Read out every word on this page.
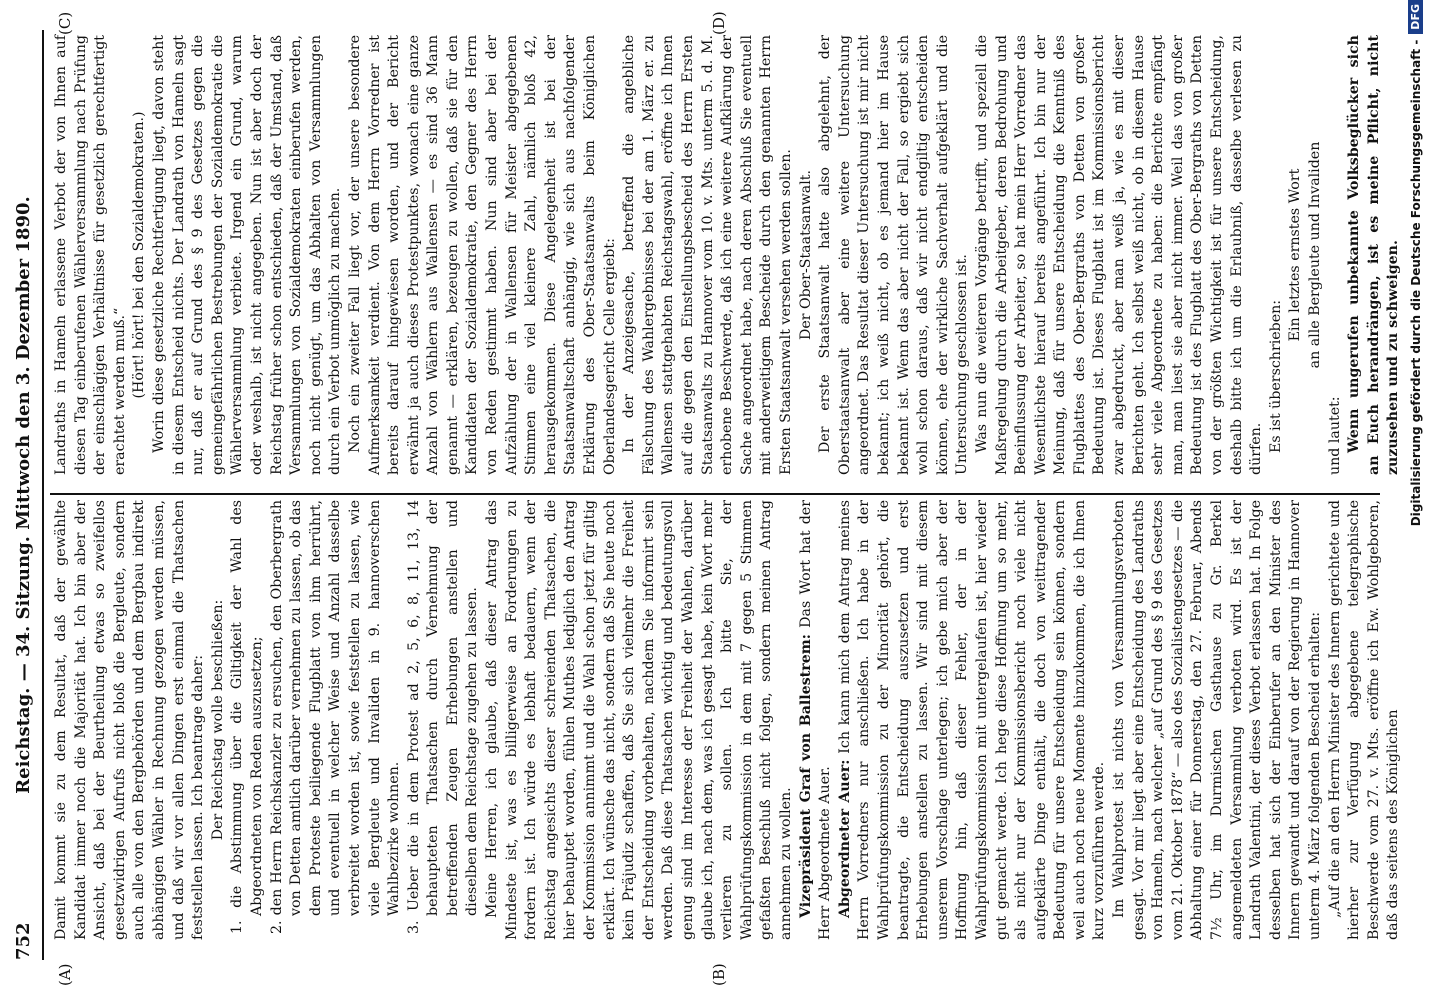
752
Reichstag. — 34. Sitzung. Mittwoch den 3. Dezember 1890.
(A)	(B)
(C)	(D)

Damit kommt sie zu dem Resultat, daß der gewählte Kandidat immer noch die Majorität hat. Ich bin aber der Ansicht, daß bei der Beurtheilung etwas so zweifellos gesetzwidrigen Aufrufs nicht bloß die Bergleute, sondern auch alle von den Bergbehörden und dem Bergbau indirekt abhängigen Wähler in Rechnung gezogen werden müssen, und daß wir vor allen Dingen erst einmal die Thatsachen feststellen lassen. Ich beantrage daher: Der Reichstag wolle beschließen: 1. die Abstimmung über die Giltigkeit der Wahl des Abgeordneten von Reden auszusetzen; 2. den Herrn Reichskanzler zu ersuchen, den Oberbergrath von Detten amtlich darüber vernehmen zu lassen, ob das dem Proteste beiliegende Flugblatt von ihm herrührt, und eventuell in welcher Weise und Anzahl dasselbe verbreitet worden ist, sowie feststellen zu lassen, wie viele Bergleute und Invaliden in 9. hannoverschen Wahlbezirke wohnen. 3. Ueber die in dem Protest ad 2, 5, 6, 8, 11, 13, 14 behaupteten Thatsachen durch Vernehmung der betreffenden Zeugen Erhebungen anstellen und dieselben dem Reichstage zugehen zu lassen. Meine Herren, ich glaube, daß dieser Antrag das Mindeste ist, was es billigerweise an Forderungen zu fordern ist. Ich würde es lebhaft bedauern, wenn der Reichstag angesichts dieser schreienden Thatsachen, die hier behauptet worden, fühlen Muthes lediglich den Antrag der Kommission annimmt und die Wahl schon jetzt für giltig erklärt. Ich wünsche das nicht, sondern daß Sie heute noch kein Präjudiz schaffen, daß Sie sich vielmehr die Freiheit der Entscheidung vorbehalten, nachdem Sie informirt sein werden. Daß diese Thatsachen wichtig und bedeutungsvoll genug sind im Interesse der Freiheit der Wahlen, darüber glaube ich, nach dem, was ich gesagt habe, kein Wort mehr verlieren zu sollen. Ich bitte Sie, der Wahlprüfungskommission in dem mit 7 gegen 5 Stimmen gefaßten Beschluß nicht folgen, sondern meinen Antrag annehmen zu wollen. Vizepräsident Graf von Ballestrem: Das Wort hat der Herr Abgeordnete Auer. Abgeordneter Auer: Ich kann mich dem Antrag meines Herrn Vorredners nur anschließen. Ich habe in der Wahlprüfungskommission zu der Minorität gehört, die beantragte, die Entscheidung auszusetzen und erst Erhebungen anstellen zu lassen. Wir sind mit diesem unserem Vorschlage unterlegen; ich gebe mich aber der Hoffnung hin, daß dieser Fehler, der in der Wahlprüfungskommission mit untergelaufen ist, hier wieder gut gemacht werde. Ich hege diese Hoffnung um so mehr, als nicht nur der Kommissionsbericht noch viele nicht aufgeklärte Dinge enthält, die doch von weittragender Bedeutung für unsere Entscheidung sein können, sondern weil auch noch neue Momente hinzukommen, die ich Ihnen kurz vorzuführen werde. Im Wahlprotest ist nichts von Versammlungsverboten gesagt. Vor mir liegt aber eine Entscheidung des Landraths von Hameln, nach welcher „auf Grund des § 9 des Gesetzes vom 21. Oktober 1878“ — also des Sozialistengesetzes — die Abhaltung einer für Donnerstag, den 27. Februar, Abends 7½ Uhr, im Durmischen Gasthause zu Gr. Berkel angemeldeten Versammlung verboten wird. Es ist der Landrath Valentini, der dieses Verbot erlassen hat. In Folge desselben hat sich der Einberufer an den Minister des Innern gewandt und darauf von der Regierung in Hannover unterm 4. März folgenden Bescheid erhalten: „Auf die an den Herrn Minister des Innern gerichtete und hierher zur Verfügung abgegebene telegraphische Beschwerde vom 27. v. Mts. eröffne ich Ew. Wohlgeboren, daß das seitens des Königlichen

Landraths in Hameln erlassene Verbot der von Ihnen auf diesen Tag einberufenen Wählerversammlung nach Prüfung der einschlägigen Verhältnisse für gesetzlich gerechtfertigt erachtet werden muß.“ (Hört! hört! bei den Sozialdemokraten.) Worin diese gesetzliche Rechtfertigung liegt, davon steht in diesem Entscheid nichts. Der Landrath von Hameln sagt nur, daß er auf Grund des § 9 des Gesetzes gegen die gemeingefährlichen Bestrebungen der Sozialdemokratie die Wählerversammlung verbiete. Irgend ein Grund, warum oder weshalb, ist nicht angegeben. Nun ist aber doch der Reichstag früher schon entschieden, daß der Umstand, daß Versammlungen von Sozialdemokraten einberufen werden, noch nicht genügt, um das Abhalten von Versammlungen durch ein Verbot unmöglich zu machen. Noch ein zweiter Fall liegt vor, der unsere besondere Aufmerksamkeit verdient. Von dem Herrn Vorredner ist bereits darauf hingewiesen worden, und der Bericht erwähnt ja auch dieses Protestpunktes, wonach eine ganze Anzahl von Wählern aus Wallensen — es sind 36 Mann genannt — erklären, bezeugen zu wollen, daß sie für den Kandidaten der Sozialdemokratie, den Gegner des Herrn von Reden gestimmt haben. Nun sind aber bei der Aufzählung der in Wallensen für Meister abgegebenen Stimmen eine viel kleinere Zahl, nämlich bloß 42, herausgekommen. Diese Angelegenheit ist bei der Staatsanwaltschaft anhängig, wie sich aus nachfolgender Erklärung des Ober-Staatsanwalts beim Königlichen Oberlandesgericht Celle ergiebt: In der Anzeigesache, betreffend die angebliche Fälschung des Wahlergebnisses bei der am 1. März er. zu Wallensen stattgehabten Reichstagswahl, eröffne ich Ihnen auf die gegen den Einstellungsbescheid des Herrn Ersten Staatsanwalts zu Hannover vom 10. v. Mts. unterm 5. d. M. erhobene Beschwerde, daß ich eine weitere Aufklärung der Sache angeordnet habe, nach deren Abschluß Sie eventuell mit anderweitigem Bescheide durch den genannten Herrn Ersten Staatsanwalt versehen werden sollen. Der Ober-Staatsanwalt. Der erste Staatsanwalt hatte also abgelehnt, der Oberstaatsanwalt aber eine weitere Untersuchung angeordnet. Das Resultat dieser Untersuchung ist mir nicht bekannt; ich weiß nicht, ob es jemand hier im Hause bekannt ist. Wenn das aber nicht der Fall, so ergiebt sich wohl schon daraus, daß wir nicht endgiltig entscheiden können, ehe der wirkliche Sachverhalt aufgeklärt und die Untersuchung geschlossen ist. Was nun die weiteren Vorgänge betrifft, und speziell die Maßregelung durch die Arbeitgeber, deren Bedrohung und Beeinflussung der Arbeiter, so hat mein Herr Vorredner das Wesentlichste hierauf bereits angeführt. Ich bin nur der Meinung, daß für unsere Entscheidung die Kenntniß des Flugblattes des Ober-Bergraths von Detten von großer Bedeutung ist. Dieses Flugblatt ist im Kommissionsbericht zwar abgedruckt, aber man weiß ja, wie es mit dieser Berichten geht. Ich selbst weiß nicht, ob in diesem Hause sehr viele Abgeordnete zu haben: die Berichte empfängt man, man liest sie aber nicht immer. Weil das von großer Bedeutung ist des Flugblatt des Ober-Bergraths von Detten von der größten Wichtigkeit ist für unsere Entscheidung, deshalb bitte ich um die Erlaubniß, dasselbe verlesen zu dürfen. Es ist überschrieben:

Ein letztes ernstes Wort an alle Bergleute und Invaliden

und lautet: Wenn ungerufen unbekannte Volksbeglücker sich an Euch herandrängen, ist es meine Pflicht, nicht zuzusehen und zu schweigen. Digitalisierung gefördert durch die Deutsche Forschungsgemeinschaft -
DFG
